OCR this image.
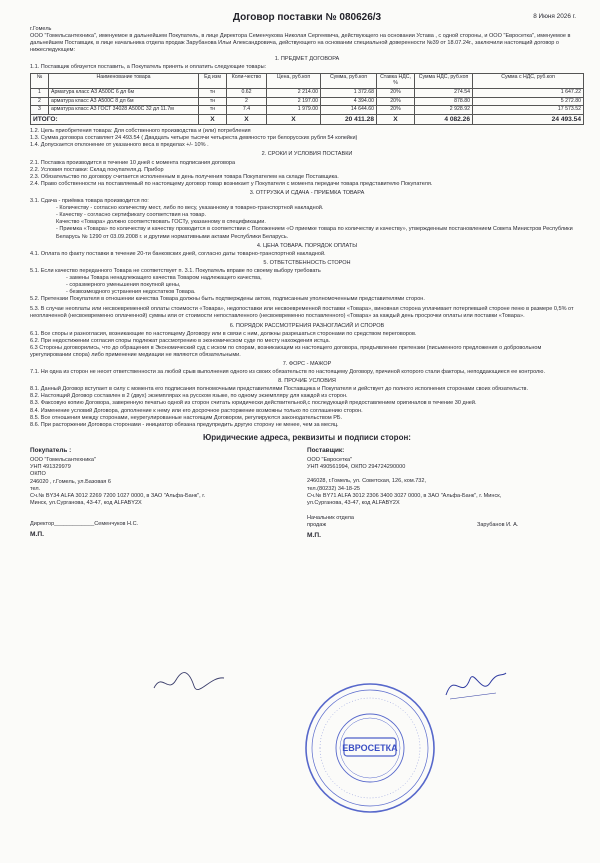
Договор поставки № 080626/3	8 Июня 2026 г.

г.Гомель

ООО "Гомельсантехника", именуемое в дальнейшем Покупатель, в лице Директора Семенчукова Николая Сергеевича, действующего на основании Устава , с одной стороны, и ООО "Евросетка", именуемое в дальнейшем Поставщик, в лице начальника отдела продаж Зарубанова Ильи Александровича, действующего на основании специальной доверенности №39 от 18.07.24г., заключили настоящий договор о нижеследующем:

1. ПРЕДМЕТ ДОГОВОРА

1.1. Поставщик обязуется поставить, а Покупатель принять и оплатить следующие товары:

№	Наименование товара	Ед изм	Коли-чество	Цена, руб.коп	Сумма, руб.коп	Ставка НДС, %	Сумма НДС, руб.коп	Сумма с НДС, руб.коп
1	Арматура класс А3 А500С 6 дл 6м	тн	0.62	2 214.00	1 372.68	20%	274.54	1 647.22
2	арматура класс А3 А500С 8 дл 6м	тн	2	2 197.00	4 394.00	20%	878.80	5 272.80
3	арматура класс А3 ГОСТ 34028 А500С 32 дл 11.7м	тн	7.4	1 979.00	14 644.60	20%	2 928.92	17 573.52
ИТОГО:		Х	Х	Х	20 411.28	Х	4 082.26	24 493.54

1.2. Цель приобретения товара: Для собственного производства и (или) потребления

1.3. Сумма договора составляет 24 493.54 ( Двадцать четыре тысячи четыреста девяносто три белорусских рубля 54 копейки)

1.4. Допускается отклонение от указанного веса в пределах +/- 10% .

2. СРОКИ И УСЛОВИЯ ПОСТАВКИ

2.1. Поставка производится в течение 10 дней с момента подписания договора

2.2. Условия поставки: Склад покупателя,д. Прибор

2.3. Обязательство по договору считается исполненным в день получения товара Покупателем на складе Поставщика.

2.4. Право собственности на поставляемый по настоящему договор товар возникает у Покупателя с момента передачи товара представителю Покупателя.

3. ОТГРУЗКА И СДАЧА - ПРИЕМКА ТОВАРА

3.1. Сдача - приёмка товара производится по:

- Количеству - согласно количеству мест, либо по весу, указанному в товарно-транспортной накладной.

- Качеству - согласно сертификату соответствия на товар.

Качество «Товара» должно соответствовать ГОСТу, указанному в спецификации.

- Приемка «Товара» по количеству и качеству проводится в соответствии с Положением «О приемке товара по количеству и качеству», утвержденным постановлением Совета Министров Республики Беларусь № 1290 от 03.09.2008 г. и другими нормативными актами Республики Беларусь.

4. ЦЕНА ТОВАРА. ПОРЯДОК ОПЛАТЫ

4.1. Оплата по факту поставки в течение 20-ти банковских дней, согласно даты товарно-транспортной накладной.

5. ОТВЕТСТВЕННОСТЬ СТОРОН

5.1. Если качество переданного Товара не соответствует п. 3.1. Покупатель вправе по своему выбору требовать

- замены Товара ненадлежащего качества Товаром надлежащего качества,

- соразмерного уменьшения покупной цены,

- безвозмездного устранения недостатков Товара.

5.2. Претензии Покупателя в отношении качества Товара должны быть подтверждены актом, подписанным уполномоченными представителями сторон.

5.3. В случае неоплаты или несвоевременной оплаты стоимости «Товара», недопоставки или несвоевременной поставки «Товара», виновная сторона уплачивает потерпевшей стороне пеню в размере 0,5% от неоплаченной (несвоевременно оплаченной) суммы или от стоимости непоставленного (несвоевременно поставленного) «Товара» за каждый день просрочки оплаты или поставки «Товара».

6. ПОРЯДОК РАССМОТРЕНИЯ РАЗНОГЛАСИЙ И СПОРОВ

6.1. Все споры и разногласия, возникающие по настоящему Договору или в связи с ним, должны разрешаться сторонами по средством переговоров.

6.2. При недостижении согласия споры подлежат рассмотрению в экономическом суде по месту нахождения истца.

6.3 Стороны договорились, что до обращения в Экономический суд с иском по спорам, возникающим из настоящего договора, предъявление претензии (письменного предложения о добровольном урегулировании спора) либо применение медиации не являются обязательными.

7. ФОРС - МАЖОР

7.1. Ни одна из сторон не несет ответственности за любой срыв выполнения одного из своих обязательств по настоящему Договору, причиной которого стали факторы, неподдающиеся ее контролю.

8. ПРОЧИЕ УСЛОВИЯ

8.1. Данный Договор вступает в силу с момента его подписания полномочными представителями Поставщика и Покупателя и действует до полного исполнения сторонами своих обязательств.

8.2. Настоящий Договор составлен в 2 (двух) экземплярах на русском языке, по одному экземпляру для каждой из сторон.

8.3. Факсовую копию Договора, заверенную печатью одной из сторон считать юридически действительной,с последующей предоставлением оригиналов в течение 30 дней.

8.4. Изменение условий Договора, дополнение к нему или его досрочное расторжение возможны только по соглашению сторон.

8.5. Все отношения между сторонами, неурегулированные настоящим Договором, регулируются законодательством РБ.

8.6. При расторжении Договора сторонами - инициатор обязана предупредить другую сторону не менее, чем за месяц.

Юридические адреса, реквизиты и подписи сторон:
Покупатель :

ООО "Гомельсантехника"

УНП 491329979

ОКПО

246020 , г.Гомель, ул.Базовая 6

тел.

Сч.№ BY34 ALFA 3012 2269 7200 1027 0000, в ЗАО "Альфа-Банк", г.

Минск, ул.Сурганова, 43-47, код ALFABY2X

Директор_____________Семенчуков Н.С.

М.П.
Поставщик:

ООО "Евросетка"

УНП 490561994, ОКПО 294724290000

246028, г.Гомель, ул. Советская, 126, ком.732,

тел.(80232) 34-18-25

Сч.№ BY71 ALFA 3012 2306 3400 3027 0000, в ЗАО "Альфа-Банк", г. Минск,

ул.Сурганова, 43-47, код ALFABY2X

Начальник отдела

продаж	Зарубанов И. А.

М.П.
ЕВРОСЕТКА
